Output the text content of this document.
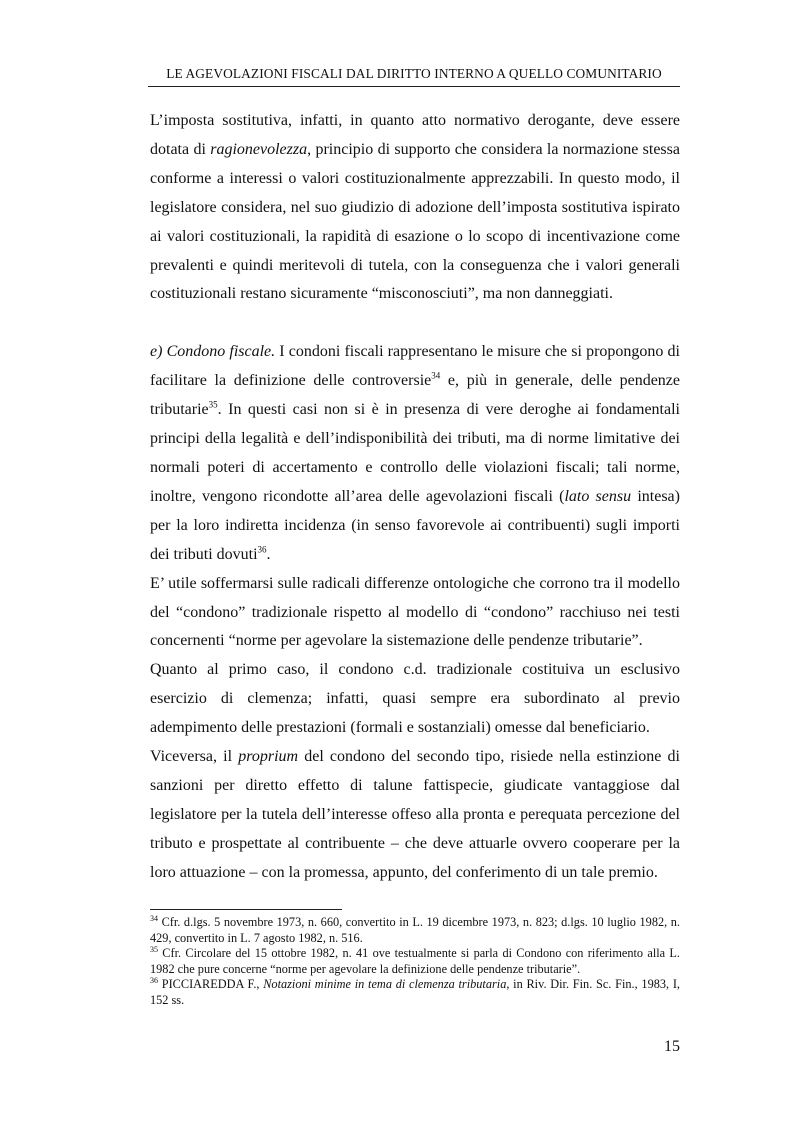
LE AGEVOLAZIONI FISCALI DAL DIRITTO INTERNO A QUELLO COMUNITARIO

L’imposta sostitutiva, infatti, in quanto atto normativo derogante, deve essere dotata di ragionevolezza, principio di supporto che considera la normazione stessa conforme a interessi o valori costituzionalmente apprezzabili. In questo modo, il legislatore considera, nel suo giudizio di adozione dell’imposta sostitutiva ispirato ai valori costituzionali, la rapidità di esazione o lo scopo di incentivazione come prevalenti e quindi meritevoli di tutela, con la conseguenza che i valori generali costituzionali restano sicuramente “misconosciuti”, ma non danneggiati.

e) Condono fiscale. I condoni fiscali rappresentano le misure che si propongono di facilitare la definizione delle controversie$^{34}$ e, più in generale, delle pendenze tributarie$^{35}$. In questi casi non si è in presenza di vere deroghe ai fondamentali principi della legalità e dell’indisponibilità dei tributi, ma di norme limitative dei normali poteri di accertamento e controllo delle violazioni fiscali; tali norme, inoltre, vengono ricondotte all’area delle agevolazioni fiscali (lato sensu intesa) per la loro indiretta incidenza (in senso favorevole ai contribuenti) sugli importi dei tributi dovuti$^{36}$.

E’ utile soffermarsi sulle radicali differenze ontologiche che corrono tra il modello del “condono” tradizionale rispetto al modello di “condono” racchiuso nei testi concernenti “norme per agevolare la sistemazione delle pendenze tributarie”.

Quanto al primo caso, il condono c.d. tradizionale costituiva un esclusivo esercizio di clemenza; infatti, quasi sempre era subordinato al previo adempimento delle prestazioni (formali e sostanziali) omesse dal beneficiario.

Viceversa, il proprium del condono del secondo tipo, risiede nella estinzione di sanzioni per diretto effetto di talune fattispecie, giudicate vantaggiose dal legislatore per la tutela dell’interesse offeso alla pronta e perequata percezione del tributo e prospettate al contribuente – che deve attuarle ovvero cooperare per la loro attuazione – con la promessa, appunto, del conferimento di un tale premio.

$^{34}$ Cfr. d.lgs. 5 novembre 1973, n. 660, convertito in L. 19 dicembre 1973, n. 823; d.lgs. 10 luglio 1982, n. 429, convertito in L. 7 agosto 1982, n. 516.

$^{35}$ Cfr. Circolare del 15 ottobre 1982, n. 41 ove testualmente si parla di Condono con riferimento alla L. 1982 che pure concerne “norme per agevolare la definizione delle pendenze tributarie”.

$^{36}$ PICCIAREDDA F., Notazioni minime in tema di clemenza tributaria, in Riv. Dir. Fin. Sc. Fin., 1983, I, 152 ss.

15
